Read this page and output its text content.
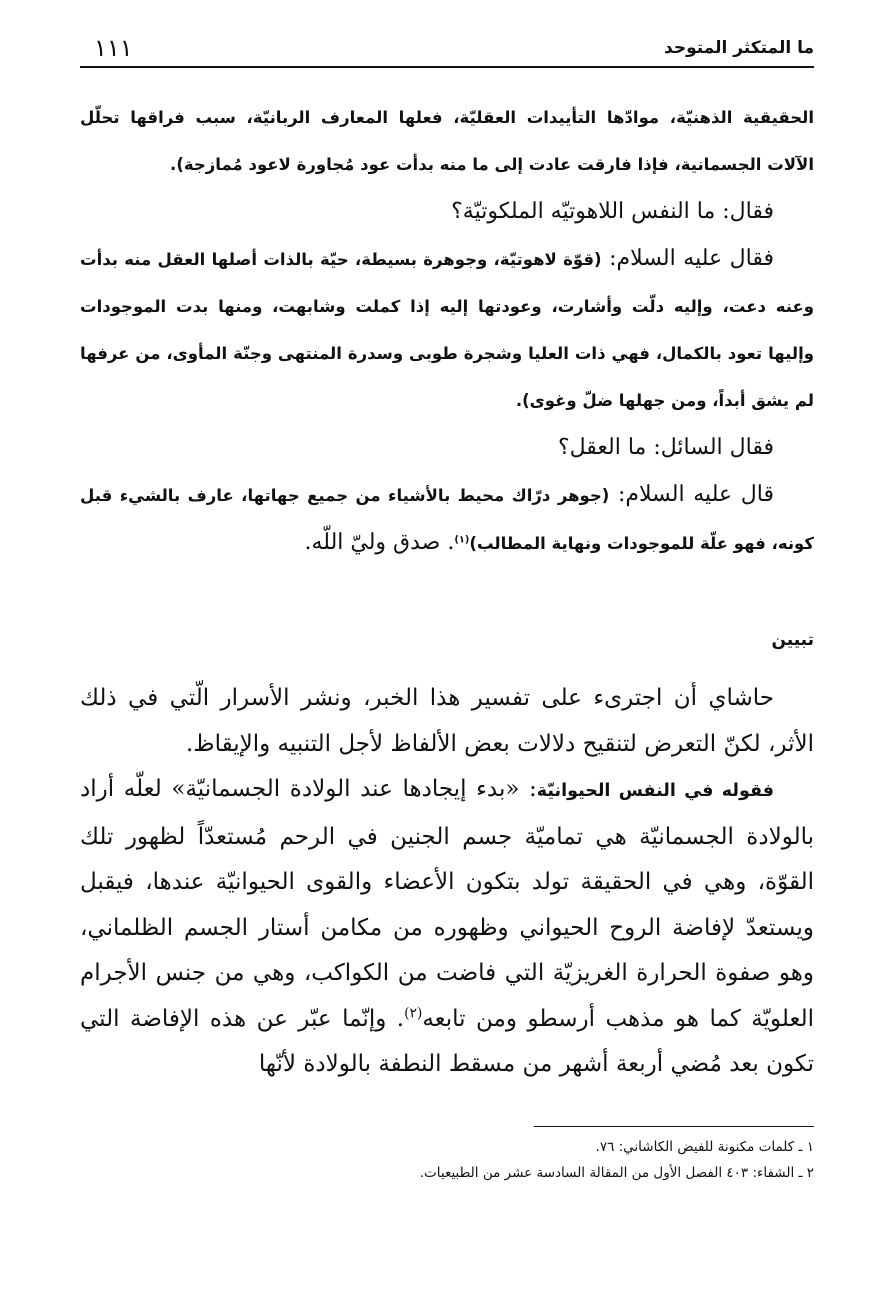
ما المتكثر المتوحد
١١١

الحقيقية الذهنيّة، موادّها التأييدات العقليّة، فعلها المعارف الربانيّة، سبب فراقها تحلّل الآلات الجسمانية، فإذا فارقت عادت إلى ما منه بدأت عود مُجاورة لاعود مُمازجة).

فقال: ما النفس اللاهوتيّه الملكوتيّة؟

فقال عليه السلام: (قوّة لاهوتيّة، وجوهرة بسيطة، حيّة بالذات أصلها العقل منه بدأت وعنه دعت، وإليه دلّت وأشارت، وعودتها إليه إذا كملت وشابهت، ومنها بدت الموجودات وإليها تعود بالكمال، فهي ذات العليا وشجرة طوبى وسدرة المنتهى وجنّة المأوى، من عرفها لم يشق أبداً، ومن جهلها ضلّ وغوى).

فقال السائل: ما العقل؟

قال عليه السلام: (جوهر درّاك محيط بالأشياء من جميع جهاتها، عارف بالشيء قبل كونه، فهو علّة للموجودات ونهاية المطالب)$^{(١)}$. صدق وليّ اللّه.

تبيين

حاشاي أن اجترىء على تفسير هذا الخبر، ونشر الأسرار الّتي في ذلك الأثر، لكنّ التعرض لتنقيح دلالات بعض الألفاظ لأجل التنبيه والإيقاظ.

فقوله في النفس الحيوانيّة: «بدء إيجادها عند الولادة الجسمانيّة» لعلّه أراد بالولادة الجسمانيّة هي تماميّة جسم الجنين في الرحم مُستعدّاً لظهور تلك القوّة، وهي في الحقيقة تولد بتكون الأعضاء والقوى الحيوانيّة عندها، فيقبل ويستعدّ لإفاضة الروح الحيواني وظهوره من مكامن أستار الجسم الظلماني، وهو صفوة الحرارة الغريزيّة التي فاضت من الكواكب، وهي من جنس الأجرام العلويّة كما هو مذهب أرسطو ومن تابعه$^{(٢)}$. وإنّما عبّر عن هذه الإفاضة التي تكون بعد مُضي أربعة أشهر من مسقط النطفة بالولادة لأنّها

١ ـ كلمات مكنونة للفيض الكاشاني: ٧٦.
٢ ـ الشفاء: ٤٠٣ الفصل الأول من المقالة السادسة عشر من الطبيعيات.
